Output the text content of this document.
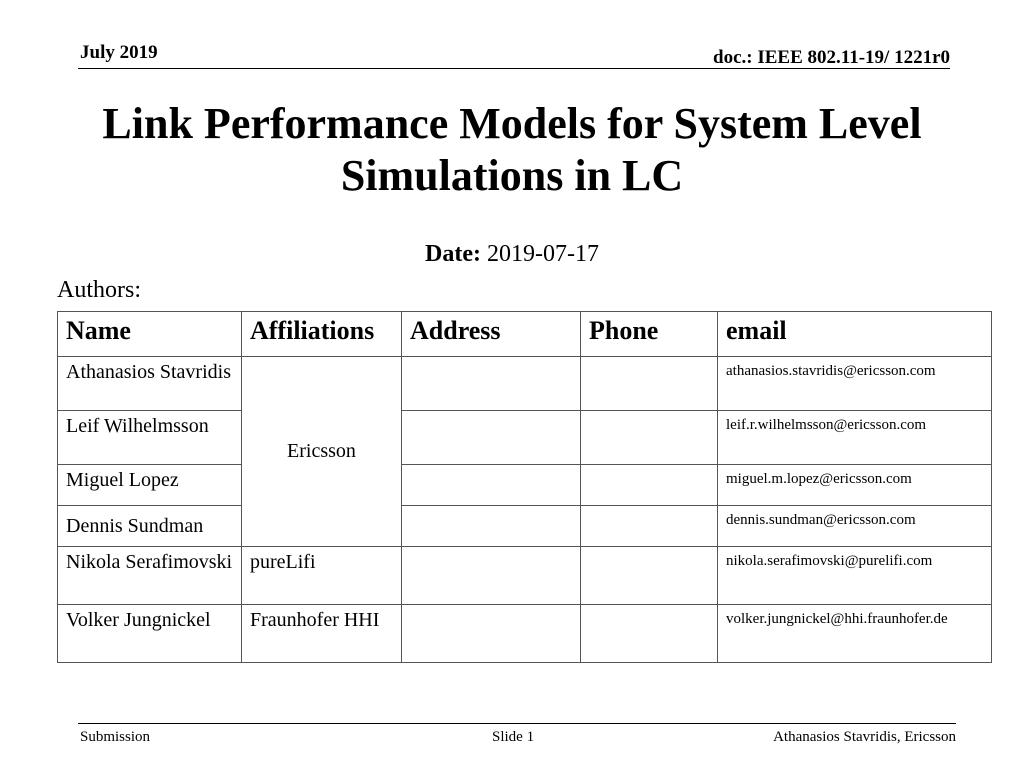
July 2019	doc.: IEEE 802.11-19/ 1221r0
Link Performance Models for System Level
Simulations in LC
Date: 2019-07-17
Authors:
Name	Affiliations	Address	Phone	email
Athanasios Stavridis	Ericsson			athanasios.stavridis@ericsson.com
Leif Wilhelmsson				leif.r.wilhelmsson@ericsson.com
Miguel Lopez				miguel.m.lopez@ericsson.com
Dennis Sundman				dennis.sundman@ericsson.com
Nikola Serafimovski	pureLifi			nikola.serafimovski@purelifi.com
Volker Jungnickel	Fraunhofer HHI			volker.jungnickel@hhi.fraunhofer.de
Submission	Slide 1	Athanasios Stavridis, Ericsson
